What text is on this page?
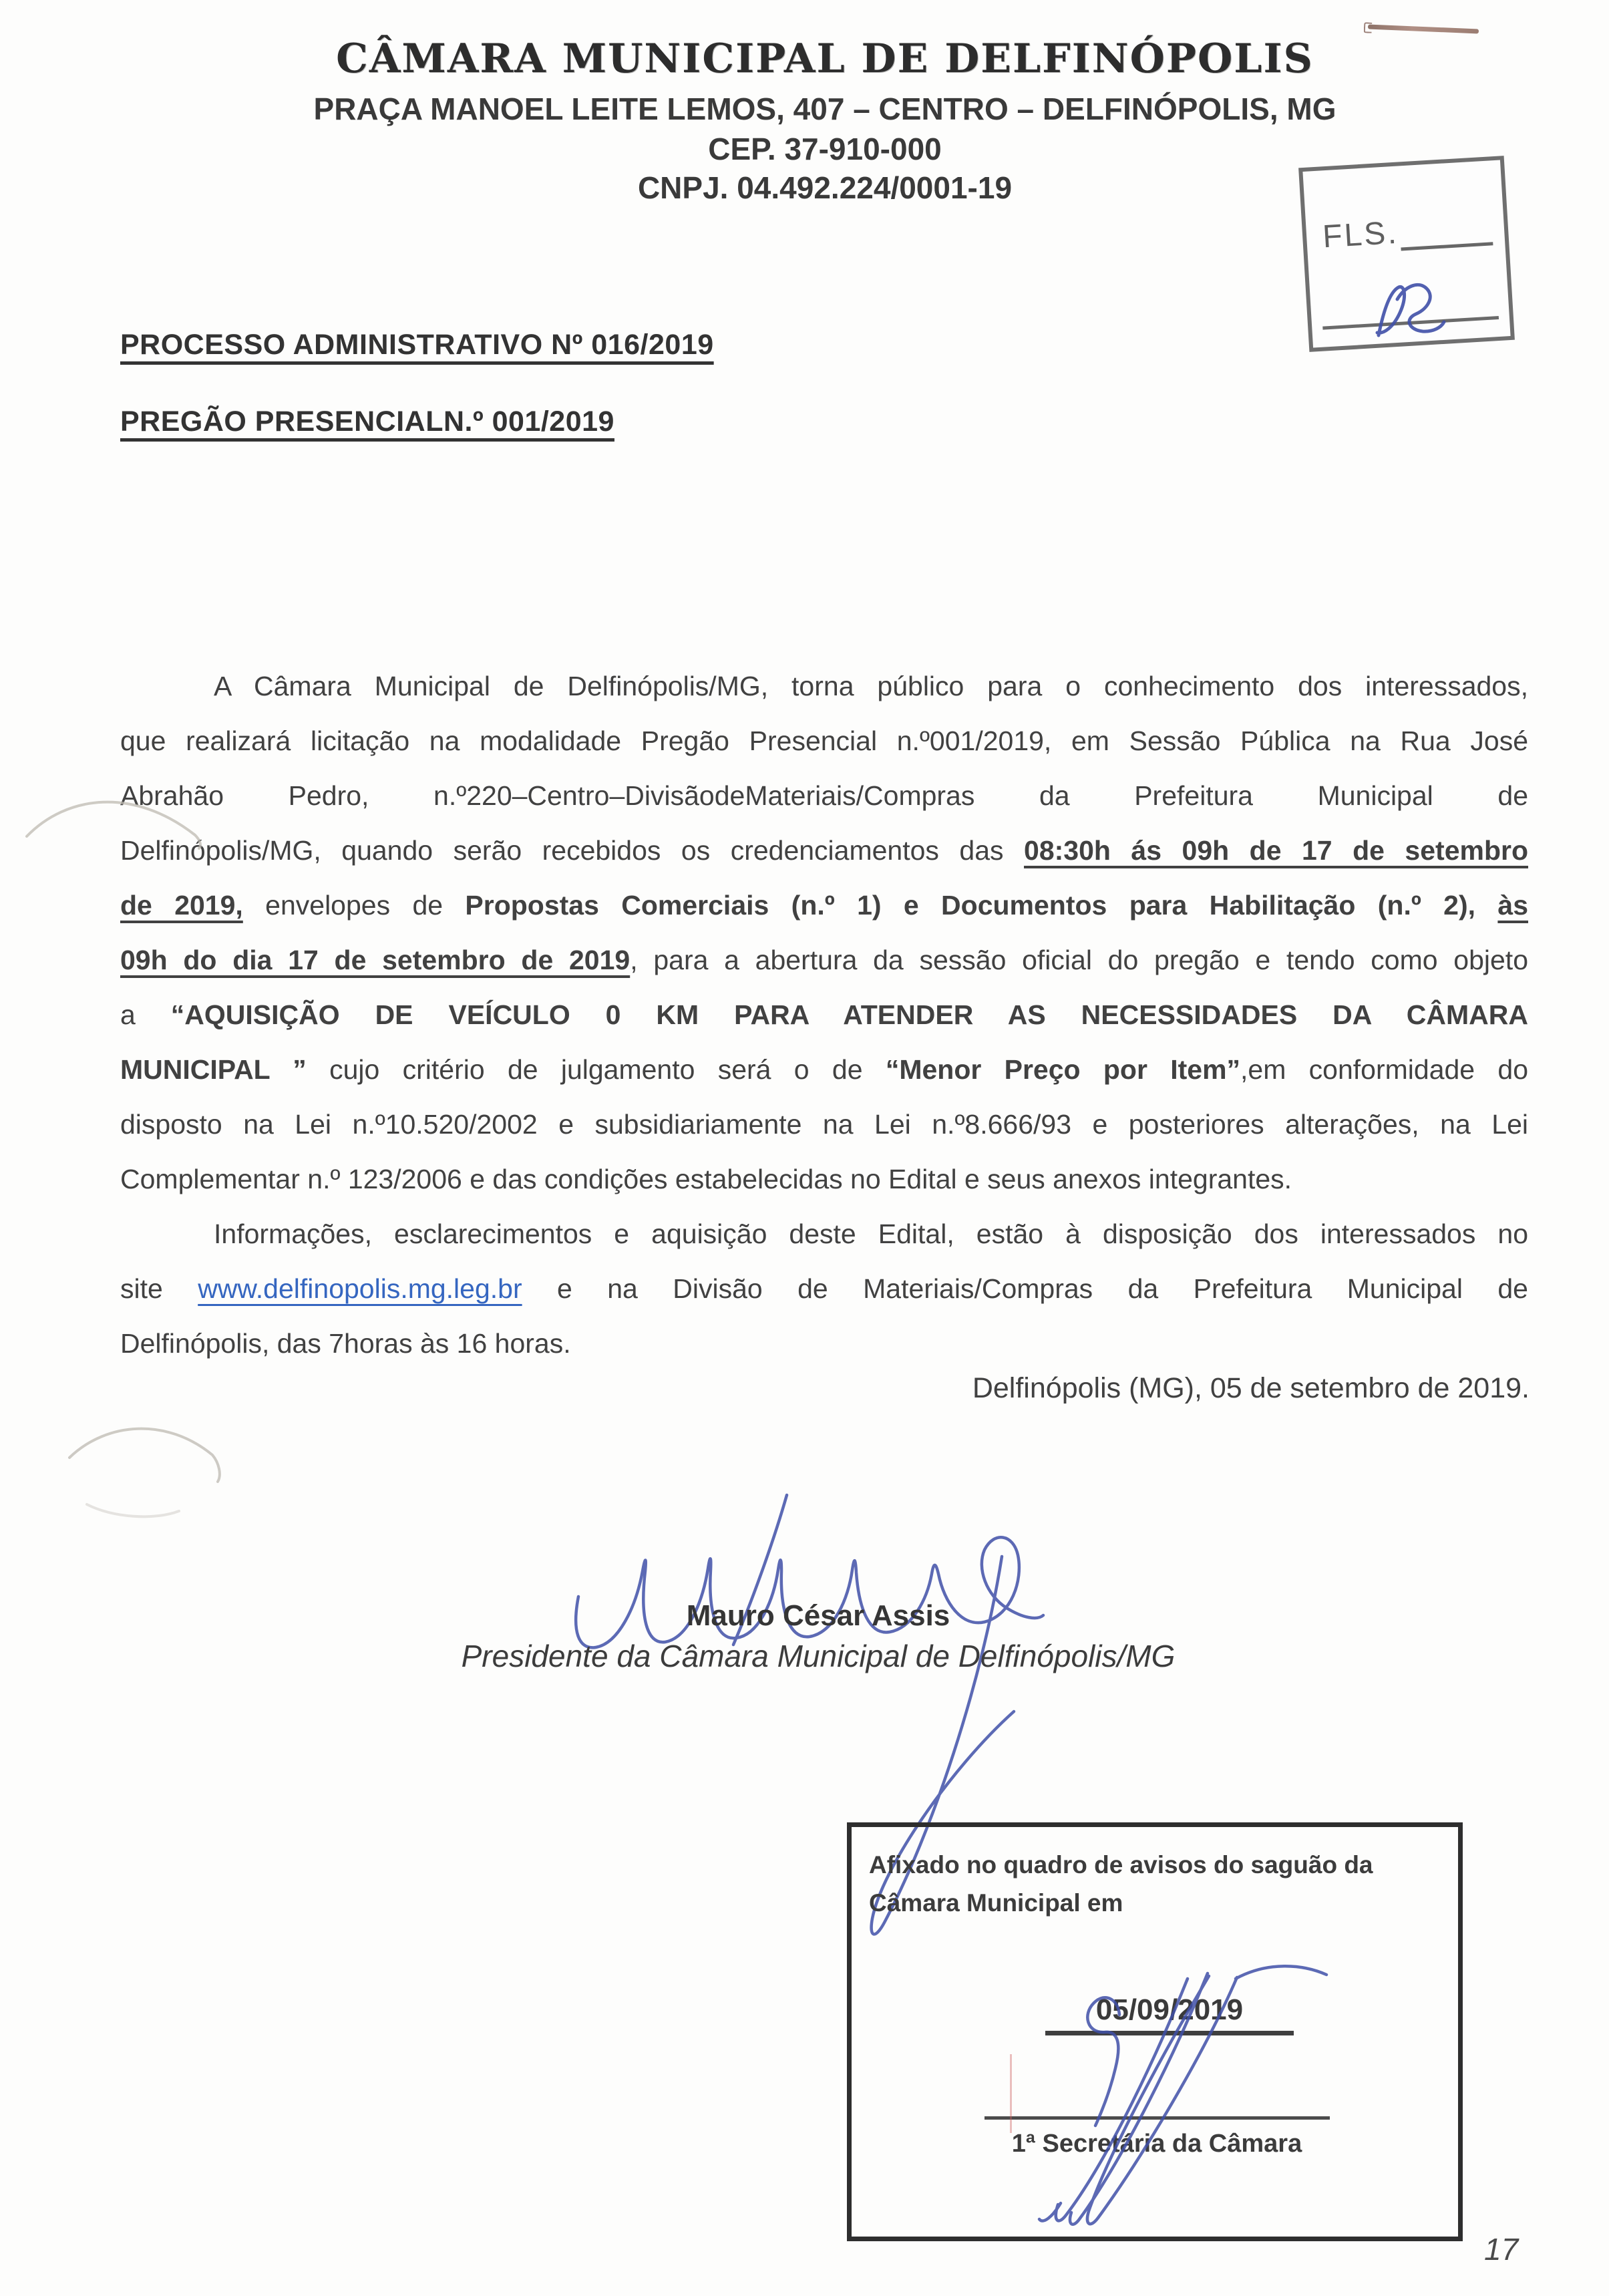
CÂMARA MUNICIPAL DE DELFINÓPOLIS
PRAÇA MANOEL LEITE LEMOS, 407 – CENTRO – DELFINÓPOLIS, MG
CEP. 37-910-000
CNPJ. 04.492.224/0001-19
FLS.
PROCESSO ADMINISTRATIVO Nº 016/2019
PREGÃO PRESENCIALN.º 001/2019
A Câmara Municipal de Delfinópolis/MG, torna público para o conhecimento dos interessados,
que realizará licitação na modalidade Pregão Presencial n.º001/2019, em Sessão Pública na Rua José
Abrahão Pedro, n.º220–Centro–DivisãodeMateriais/Compras da Prefeitura Municipal de
Delfinópolis/MG, quando serão recebidos os credenciamentos das 08:30h ás 09h de 17 de setembro
de 2019, envelopes de Propostas Comerciais (n.º 1) e Documentos para Habilitação (n.º 2), às
09h do dia 17 de setembro de 2019, para a abertura da sessão oficial do pregão e tendo como objeto
a “AQUISIÇÃO DE VEÍCULO 0 KM PARA ATENDER AS NECESSIDADES DA CÂMARA
MUNICIPAL ” cujo critério de julgamento será o de “Menor Preço por Item”,em conformidade do
disposto na Lei n.º10.520/2002 e subsidiariamente na Lei n.º8.666/93 e posteriores alterações, na Lei
Complementar n.º 123/2006 e das condições estabelecidas no Edital e seus anexos integrantes.
Informações, esclarecimentos e aquisição deste Edital, estão à disposição dos interessados no
site www.delfinopolis.mg.leg.br e na Divisão de Materiais/Compras da Prefeitura Municipal de
Delfinópolis, das 7horas às 16 horas.
Delfinópolis (MG), 05 de setembro de 2019.
Mauro César Assis
Presidente da Câmara Municipal de Delfinópolis/MG
Afixado no quadro de avisos do saguão da
Câmara Municipal em
05/09/2019
1ª Secretária da Câmara
17
